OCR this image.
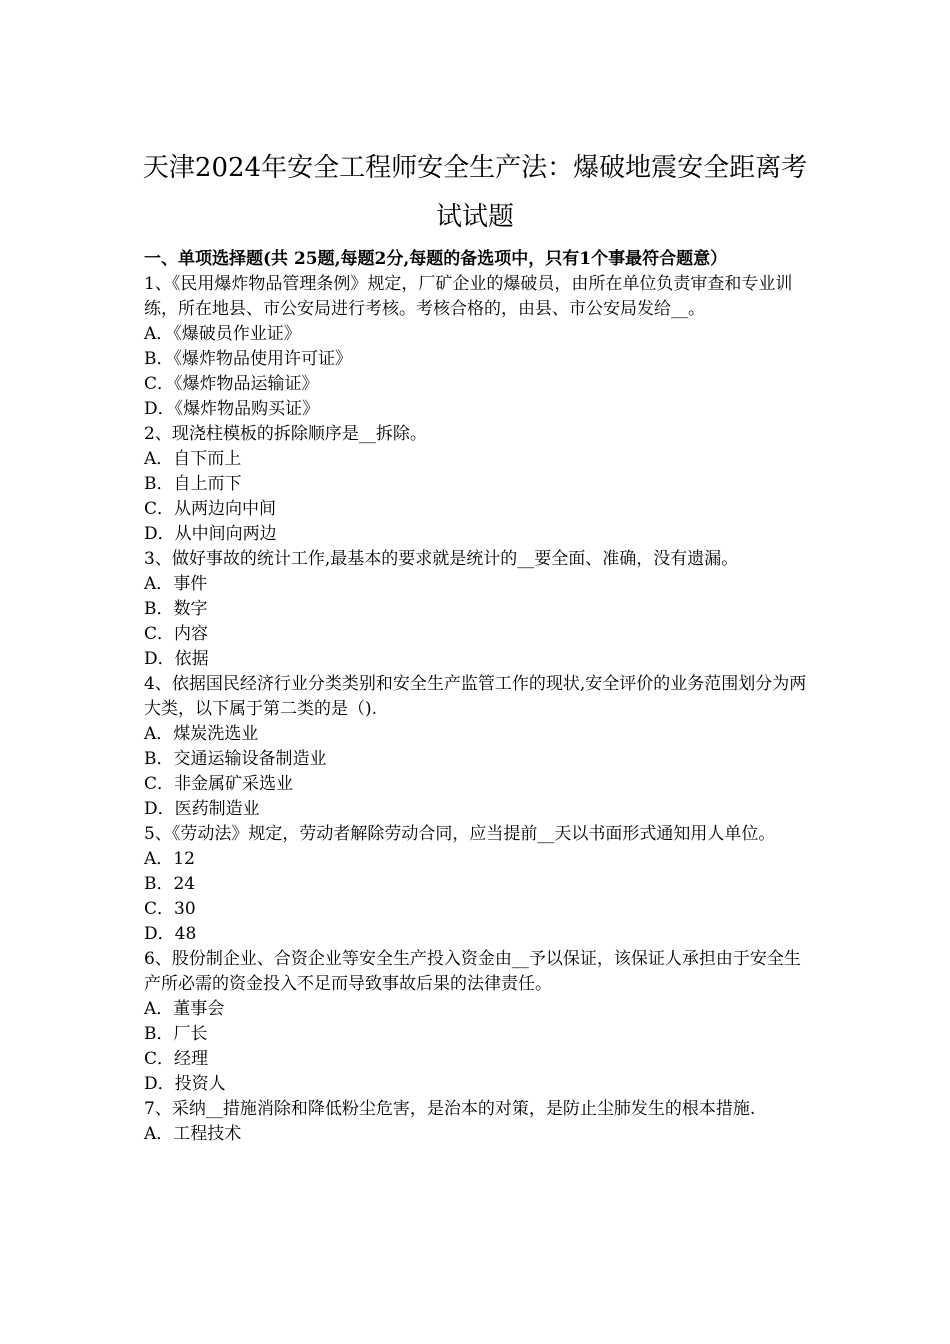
天津2024年安全工程师安全生产法：爆破地震安全距离考
试试题
一、单项选择题(共 25题,每题2分,每题的备选项中，只有1个事最符合题意）

1、《民用爆炸物品管理条例》规定，厂矿企业的爆破员，由所在单位负责审查和专业训练，所在地县、市公安局进行考核。考核合格的，由县、市公安局发给__。

A．《爆破员作业证》
B．《爆炸物品使用许可证》
C．《爆炸物品运输证》
D．《爆炸物品购买证》

2、现浇柱模板的拆除顺序是__拆除。

A．自下而上
B．自上而下
C．从两边向中间
D．从中间向两边

3、做好事故的统计工作,最基本的要求就是统计的__要全面、准确，没有遗漏。

A．事件
B．数字
C．内容
D．依据

4、依据国民经济行业分类类别和安全生产监管工作的现状,安全评价的业务范围划分为两大类，以下属于第二类的是（).

A．煤炭洗选业
B．交通运输设备制造业
C．非金属矿采选业
D．医药制造业

5、《劳动法》规定，劳动者解除劳动合同，应当提前__天以书面形式通知用人单位。

A．12
B．24
C．30
D．48

6、股份制企业、合资企业等安全生产投入资金由__予以保证，该保证人承担由于安全生产所必需的资金投入不足而导致事故后果的法律责任。

A．董事会
B．厂长
C．经理
D．投资人

7、采纳__措施消除和降低粉尘危害，是治本的对策，是防止尘肺发生的根本措施.

A．工程技术
